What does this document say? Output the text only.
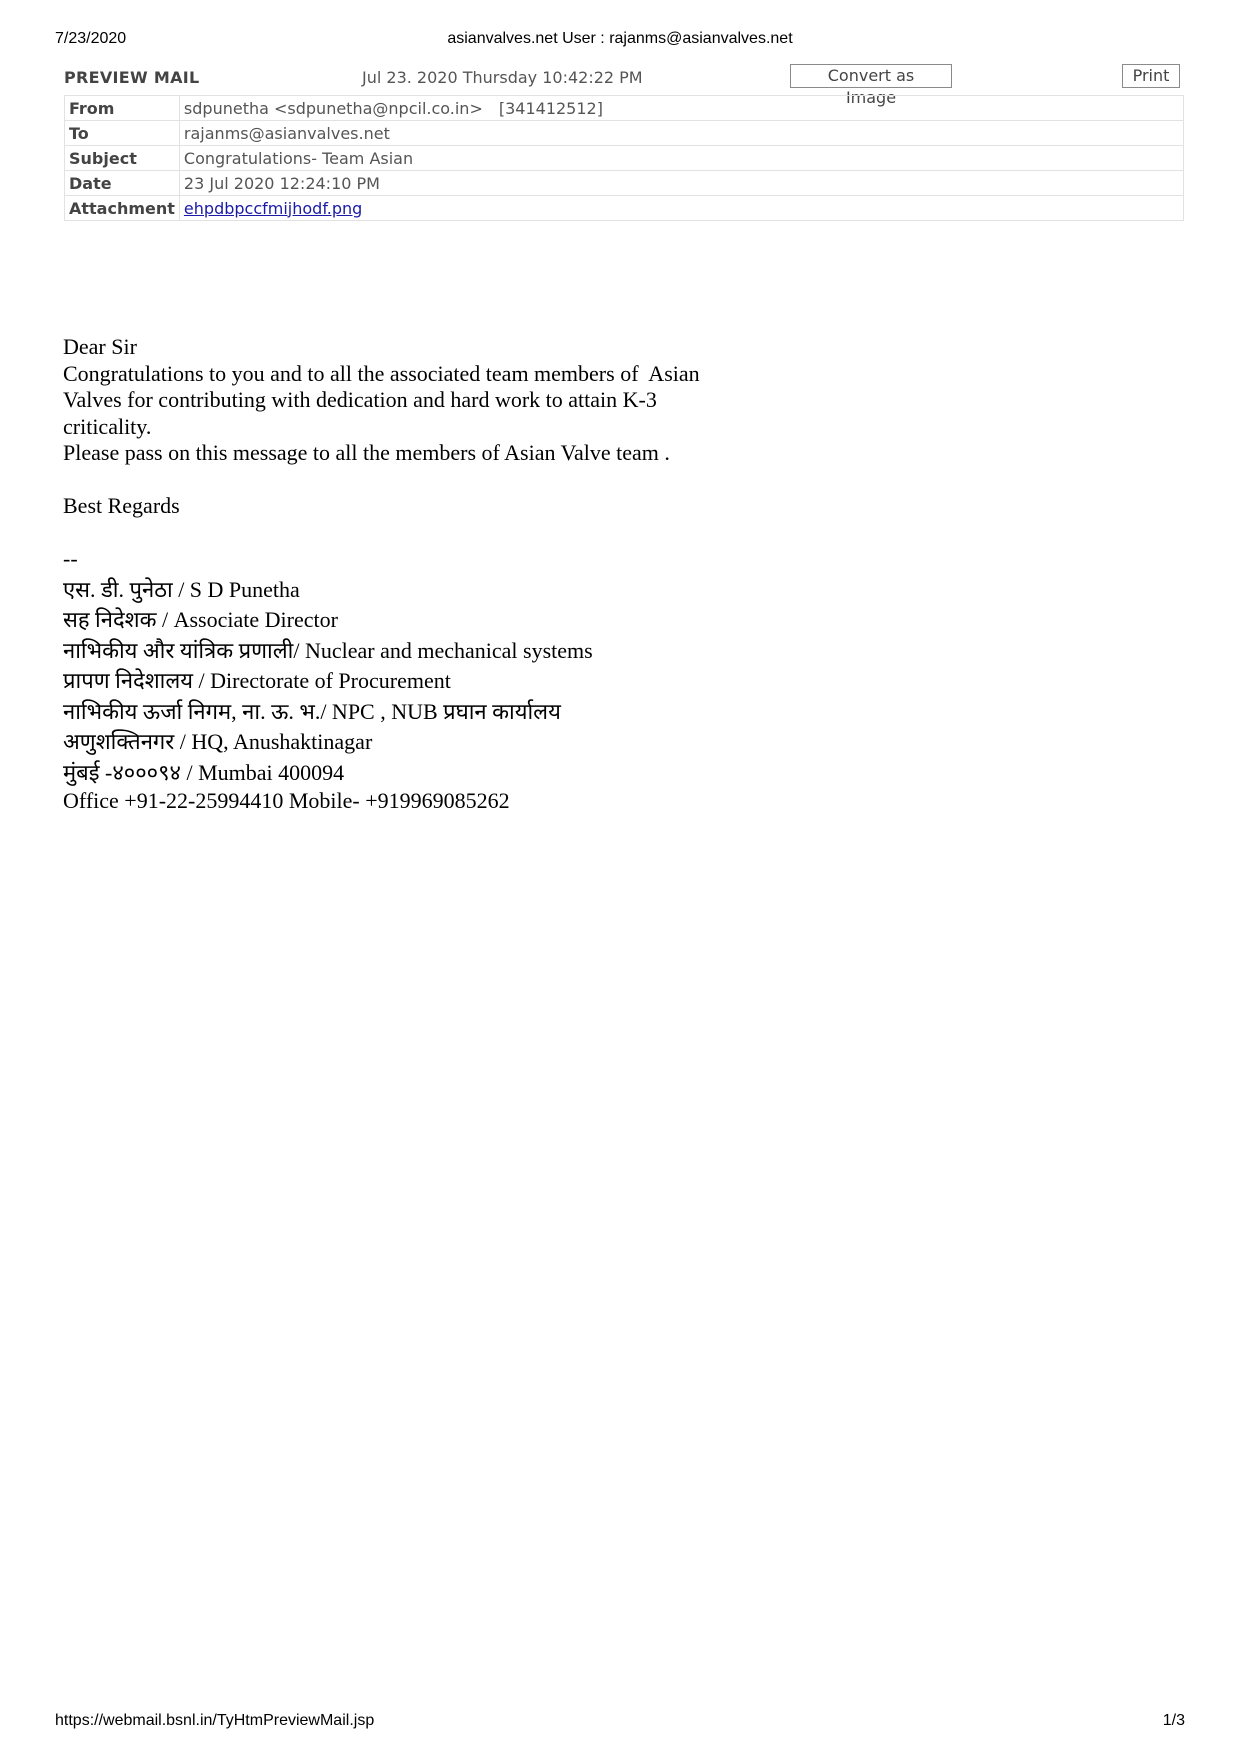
7/23/2020	asianvalves.net User : rajanms@asianvalves.net
PREVIEW MAIL	Jul 23. 2020 Thursday 10:42:22 PM	Convert as Image
Print
From	sdpunetha <sdpunetha@npcil.co.in> [341412512]
To	rajanms@asianvalves.net
Subject	Congratulations- Team Asian
Date	23 Jul 2020 12:24:10 PM
Attachment	ehpdbpccfmijhodf.png
Dear Sir
Congratulations to you and to all the associated team members of  Asian
Valves for contributing with dedication and hard work to attain K-3
criticality.
Please pass on this message to all the members of Asian Valve team .
Best Regards
--
एस. डी. पुनेठा / S D Punetha
सह निदेशक / Associate Director
नाभिकीय और यांत्रिक प्रणाली/ Nuclear and mechanical systems
प्रापण निदेशालय / Directorate of Procurement
नाभिकीय ऊर्जा निगम, ना. ऊ. भ./ NPC , NUB प्रघान कार्यालय
अणुशक्तिनगर / HQ, Anushaktinagar
मुंबई -४०००९४ / Mumbai 400094
Office +91-22-25994410 Mobile- +919969085262
https://webmail.bsnl.in/TyHtmPreviewMail.jsp	1/3
